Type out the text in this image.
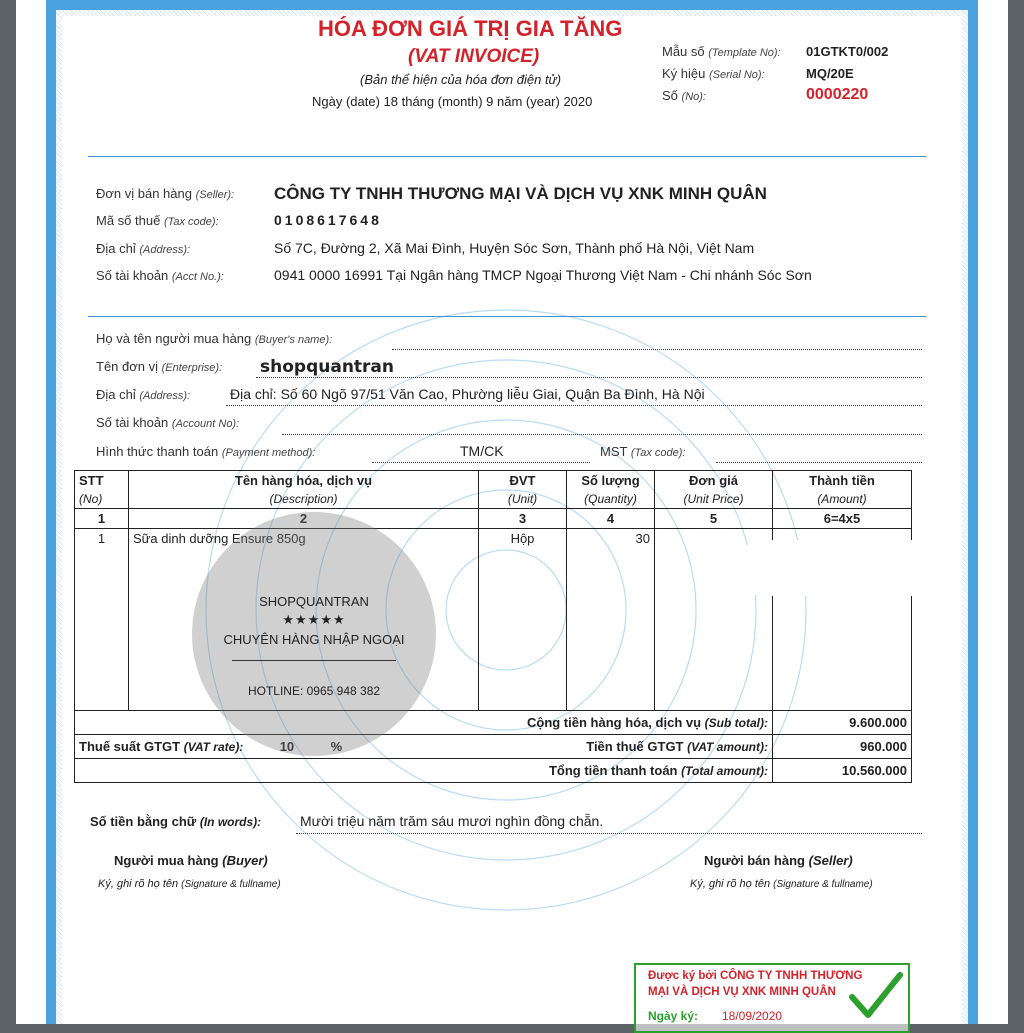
HÓA ĐƠN GIÁ TRỊ GIA TĂNG
(VAT INVOICE)
(Bản thể hiện của hóa đơn điện tử)
Ngày (date) 18 tháng (month) 9 năm (year) 2020
Mẫu số (Template No): 01GTKT0/002
Ký hiệu (Serial No):	MQ/20E
Số (No):	0000220
Đơn vị bán hàng (Seller): CÔNG TY TNHH THƯƠNG MẠI VÀ DỊCH VỤ XNK MINH QUÂN
Mã số thuế (Tax code):	0108617648
Địa chỉ (Address):	Số 7C, Đường 2, Xã Mai Đình, Huyện Sóc Sơn, Thành phố Hà Nội, Việt Nam
Số tài khoản (Acct No.):	0941 0000 16991 Tại Ngân hàng TMCP Ngoại Thương Việt Nam - Chi nhánh Sóc Sơn
Họ và tên người mua hàng (Buyer's name):
Tên đơn vị (Enterprise): shopquantran
Địa chỉ (Address):	Địa chỉ: Số 60 Ngõ 97/51 Văn Cao, Phường liễu Giai, Quận Ba Đình, Hà Nội
Số tài khoản (Account No):
Hình thức thanh toán (Payment method):	TM/CK	MST (Tax code):
STT	Tên hàng hóa, dịch vụ	ĐVT	Số lượng	Đơn giá	Thành tiền
(No)	(Description)	(Unit)	(Quantity)	(Unit Price)	(Amount)
1	2	3	4	5	6=4x5
1	Sữa dinh dưỡng Ensure 850g	Hộp	30		
Cộng tiền hàng hóa, dịch vụ (Sub total):					9.600.000
Thuế suất GTGT (VAT rate): 10 % Tiền thuế GTGT (VAT amount):					960.000
Tổng tiền thanh toán (Total amount):					10.560.000
SHOPQUANTRAN
★★★★★
CHUYÊN HÀNG NHẬP NGOẠI
HOTLINE: 0965 948 382
Số tiền bằng chữ (In words):	Mười triệu năm trăm sáu mươi nghìn đồng chẵn.
Người mua hàng (Buyer)
Ký, ghi rõ họ tên (Signature & fullname)
Người bán hàng (Seller)
Ký, ghi rõ họ tên (Signature & fullname)
Được ký bởi CÔNG TY TNHH THƯƠNG
MẠI VÀ DỊCH VỤ XNK MINH QUÂN
Ngày ký: 18/09/2020
